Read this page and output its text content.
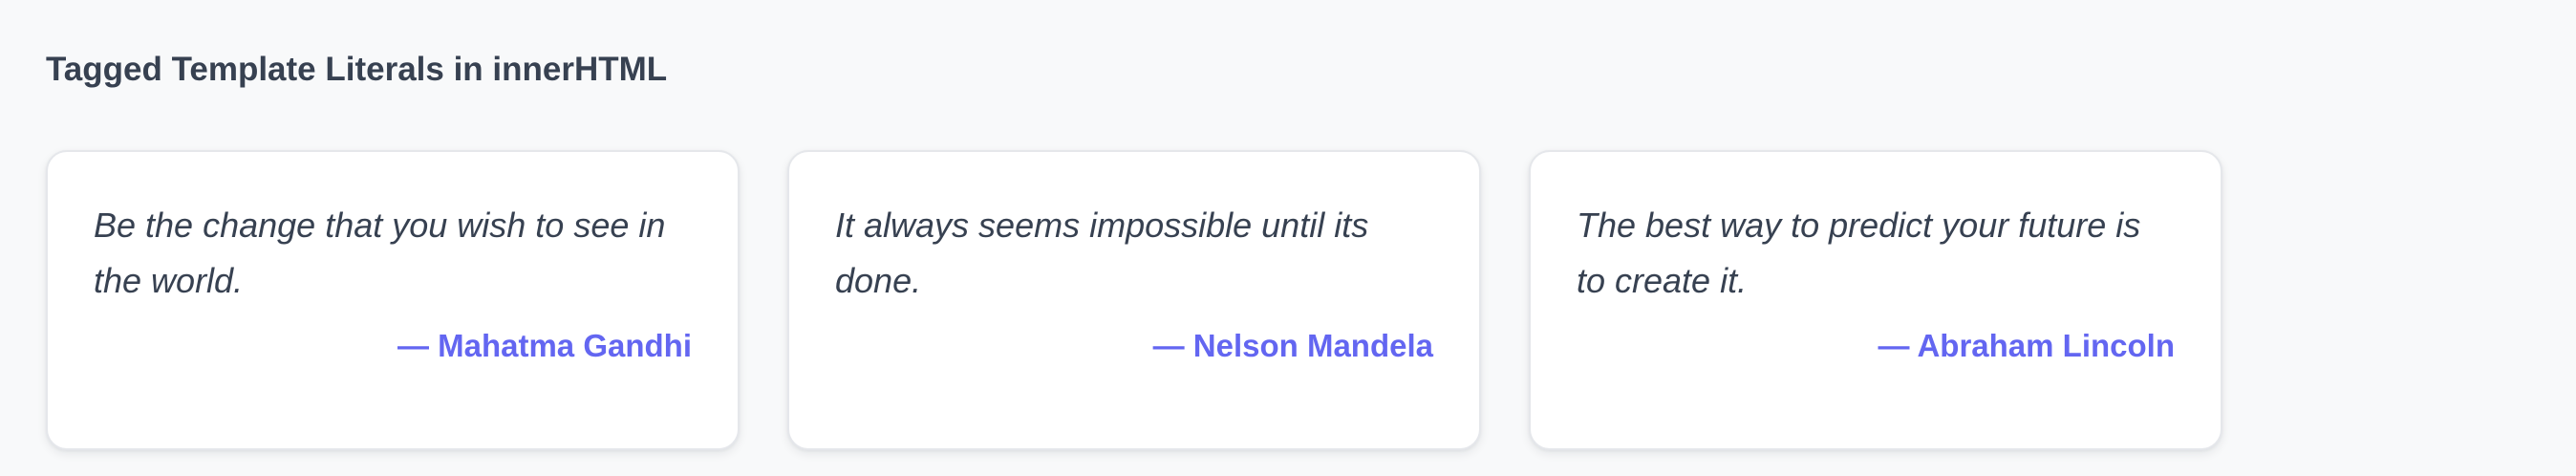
Tagged Template Literals in innerHTML

Be the change that you wish to see in the world.

— Mahatma Gandhi

It always seems impossible until its done.

— Nelson Mandela

The best way to predict your future is to create it.

— Abraham Lincoln
